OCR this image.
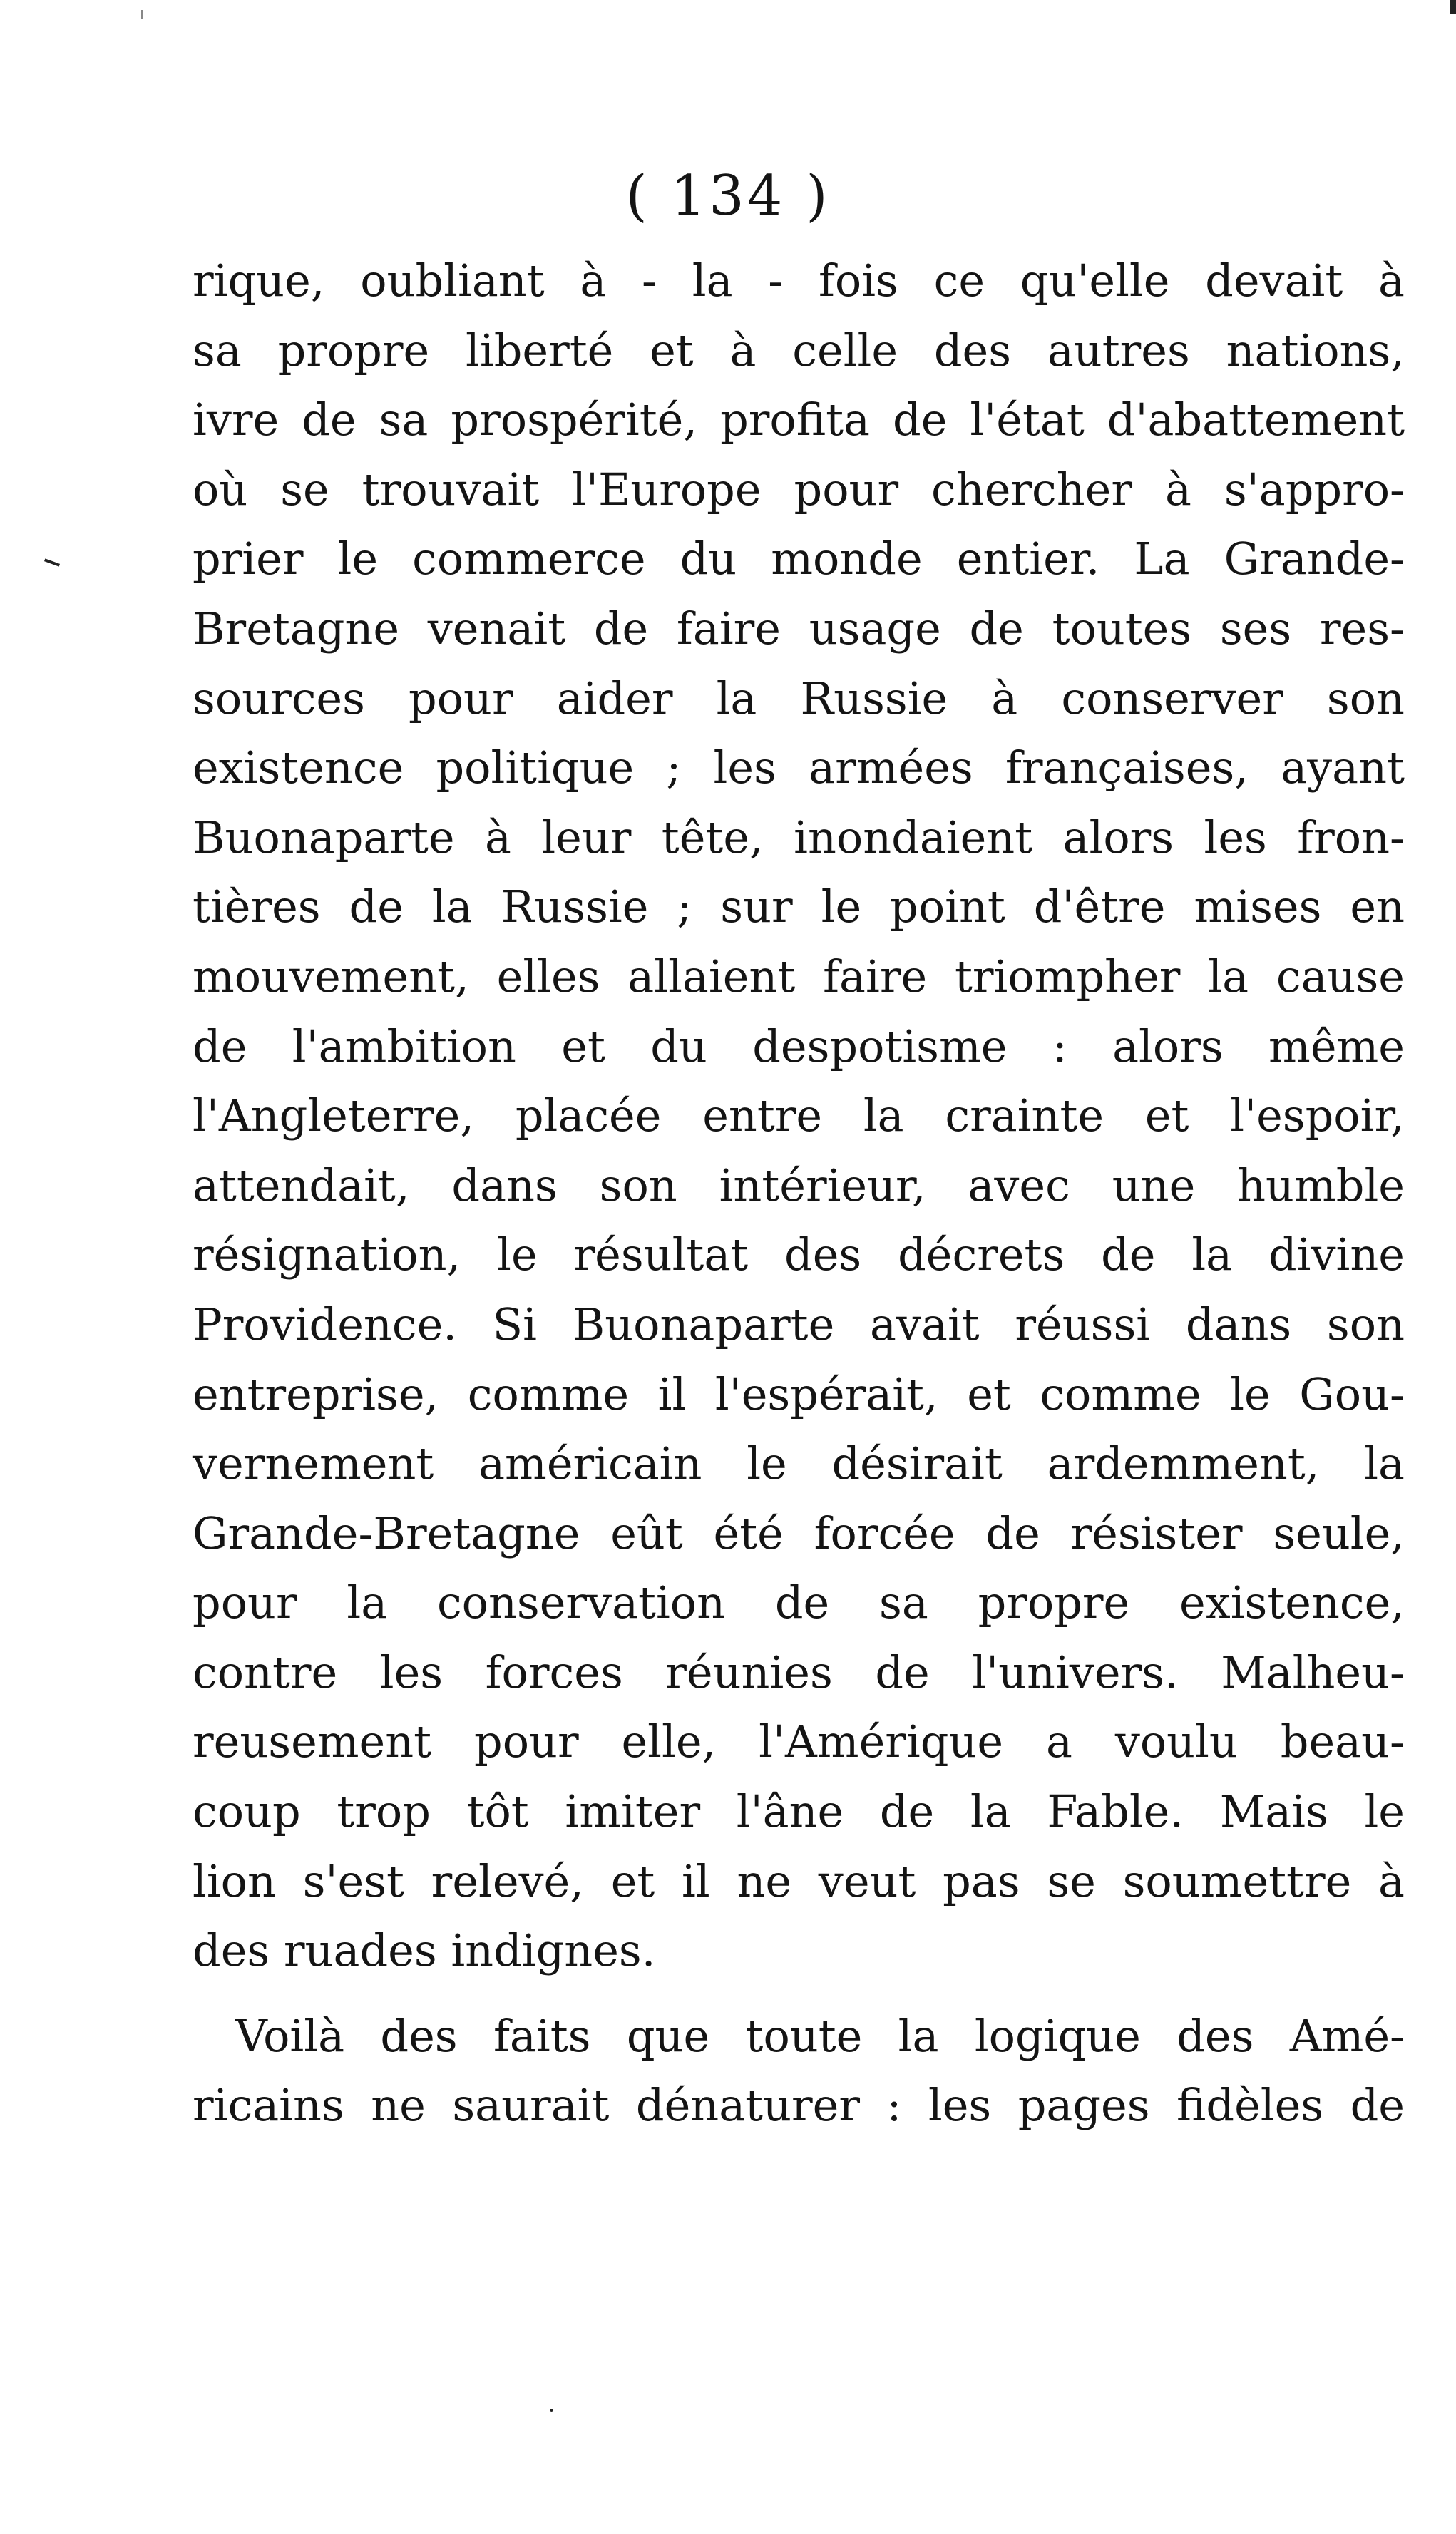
( 134 )
rique, oubliant à - la - fois ce qu'elle devait à
sa propre liberté et à celle des autres nations,
ivre de sa prospérité, profita de l'état d'abattement
où se trouvait l'Europe pour chercher à s'appro-
prier le commerce du monde entier. La Grande-
Bretagne venait de faire usage de toutes ses res-
sources pour aider la Russie à conserver son
existence politique ; les armées françaises, ayant
Buonaparte à leur tête, inondaient alors les fron-
tières de la Russie ; sur le point d'être mises en
mouvement, elles allaient faire triompher la cause
de l'ambition et du despotisme : alors même
l'Angleterre, placée entre la crainte et l'espoir,
attendait, dans son intérieur, avec une humble
résignation, le résultat des décrets de la divine
Providence. Si Buonaparte avait réussi dans son
entreprise, comme il l'espérait, et comme le Gou-
vernement américain le désirait ardemment, la
Grande-Bretagne eût été forcée de résister seule,
pour la conservation de sa propre existence,
contre les forces réunies de l'univers. Malheu-
reusement pour elle, l'Amérique a voulu beau-
coup trop tôt imiter l'âne de la Fable. Mais le
lion s'est relevé, et il ne veut pas se soumettre à
des ruades indignes.
Voilà des faits que toute la logique des Amé-
ricains ne saurait dénaturer : les pages fidèles de
